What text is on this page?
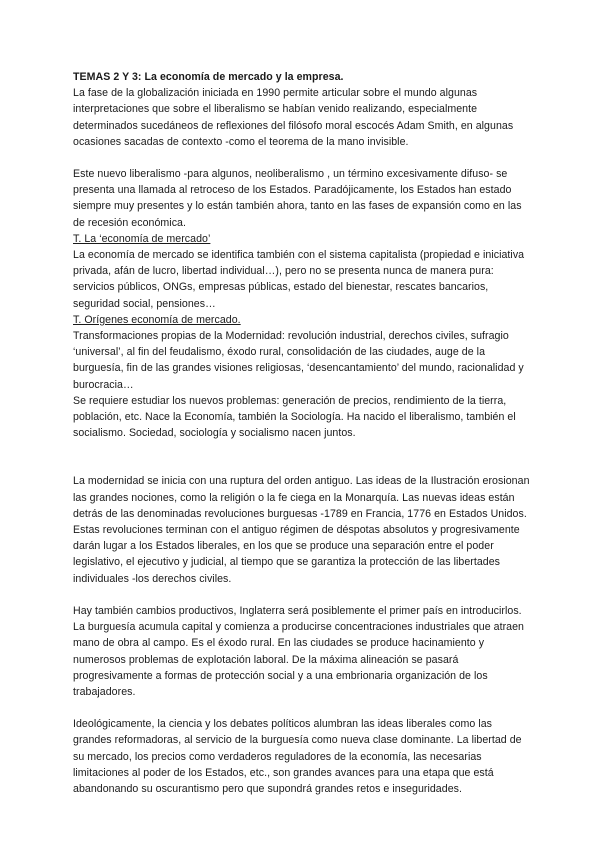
TEMAS 2 Y 3: La economía de mercado y la empresa.

La fase de la globalización iniciada en 1990 permite articular sobre el mundo algunas interpretaciones que sobre el liberalismo se habían venido realizando, especialmente determinados sucedáneos de reflexiones del filósofo moral escocés Adam Smith, en algunas ocasiones sacadas de contexto -como el teorema de la mano invisible.

Este nuevo liberalismo -para algunos, neoliberalismo , un término excesivamente difuso- se presenta una llamada al retroceso de los Estados. Paradójicamente, los Estados han estado siempre muy presentes y lo están también ahora, tanto en las fases de expansión como en las de recesión económica.

T. La ‘economía de mercado’

La economía de mercado se identifica también con el sistema capitalista (propiedad e iniciativa privada, afán de lucro, libertad individual…), pero no se presenta nunca de manera pura: servicios públicos, ONGs, empresas públicas, estado del bienestar, rescates bancarios, seguridad social, pensiones…

T. Orígenes economía de mercado.

Transformaciones propias de la Modernidad: revolución industrial, derechos civiles, sufragio ‘universal’, al fin del feudalismo, éxodo rural, consolidación de las ciudades, auge de la burguesía, fin de las grandes visiones religiosas, ‘desencantamiento’ del mundo, racionalidad y burocracia…

Se requiere estudiar los nuevos problemas: generación de precios, rendimiento de la tierra, población, etc. Nace la Economía, también la Sociología. Ha nacido el liberalismo, también el socialismo. Sociedad, sociología y socialismo nacen juntos.

La modernidad se inicia con una ruptura del orden antiguo. Las ideas de la Ilustración erosionan las grandes nociones, como la religión o la fe ciega en la Monarquía. Las nuevas ideas están detrás de las denominadas revoluciones burguesas -1789 en Francia, 1776 en Estados Unidos. Estas revoluciones terminan con el antiguo régimen de déspotas absolutos y progresivamente darán lugar a los Estados liberales, en los que se produce una separación entre el poder legislativo, el ejecutivo y judicial, al tiempo que se garantiza la protección de las libertades individuales -los derechos civiles.

Hay también cambios productivos, Inglaterra será posiblemente el primer país en introducirlos. La burguesía acumula capital y comienza a producirse concentraciones industriales que atraen mano de obra al campo. Es el éxodo rural. En las ciudades se produce hacinamiento y numerosos problemas de explotación laboral. De la máxima alineación se pasará progresivamente a formas de protección social y a una embrionaria organización de los trabajadores.

Ideológicamente, la ciencia y los debates políticos alumbran las ideas liberales como las grandes reformadoras, al servicio de la burguesía como nueva clase dominante. La libertad de su mercado, los precios como verdaderos reguladores de la economía, las necesarias limitaciones al poder de los Estados, etc., son grandes avances para una etapa que está abandonando su oscurantismo pero que supondrá grandes retos e inseguridades.
